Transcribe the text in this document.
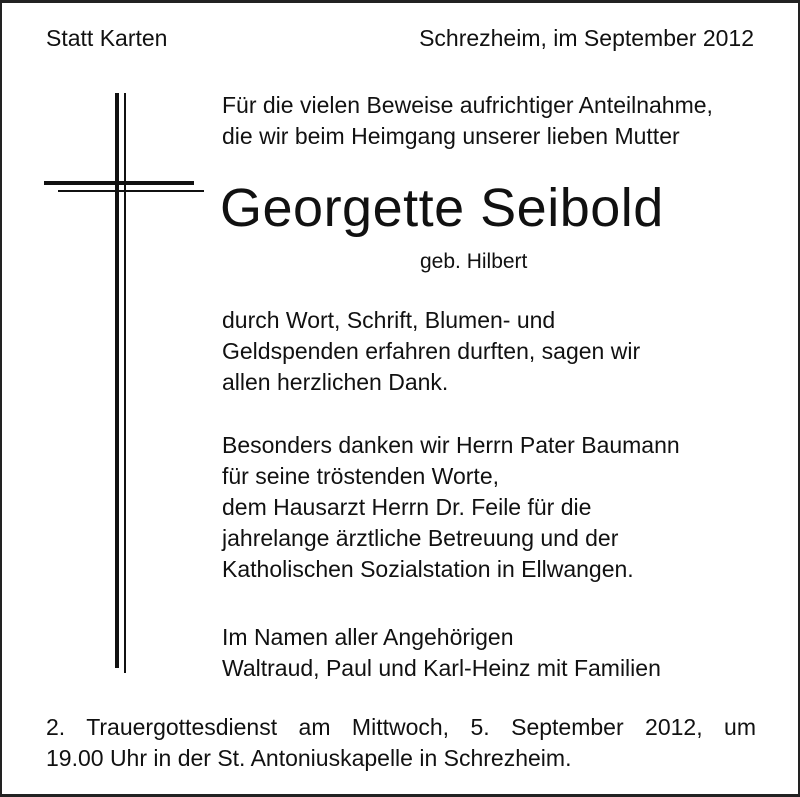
Statt Karten	Schrezheim, im September 2012
Für die vielen Beweise aufrichtiger Anteilnahme,
die wir beim Heimgang unserer lieben Mutter
Georgette Seibold
geb. Hilbert
durch Wort, Schrift, Blumen- und
Geldspenden erfahren durften, sagen wir
allen herzlichen Dank.
Besonders danken wir Herrn Pater Baumann
für seine tröstenden Worte,
dem Hausarzt Herrn Dr. Feile für die
jahrelange ärztliche Betreuung und der
Katholischen Sozialstation in Ellwangen.
Im Namen aller Angehörigen
Waltraud, Paul und Karl-Heinz mit Familien
2. Trauergottesdienst am Mittwoch, 5. September 2012, um
19.00 Uhr in der St. Antoniuskapelle in Schrezheim.
